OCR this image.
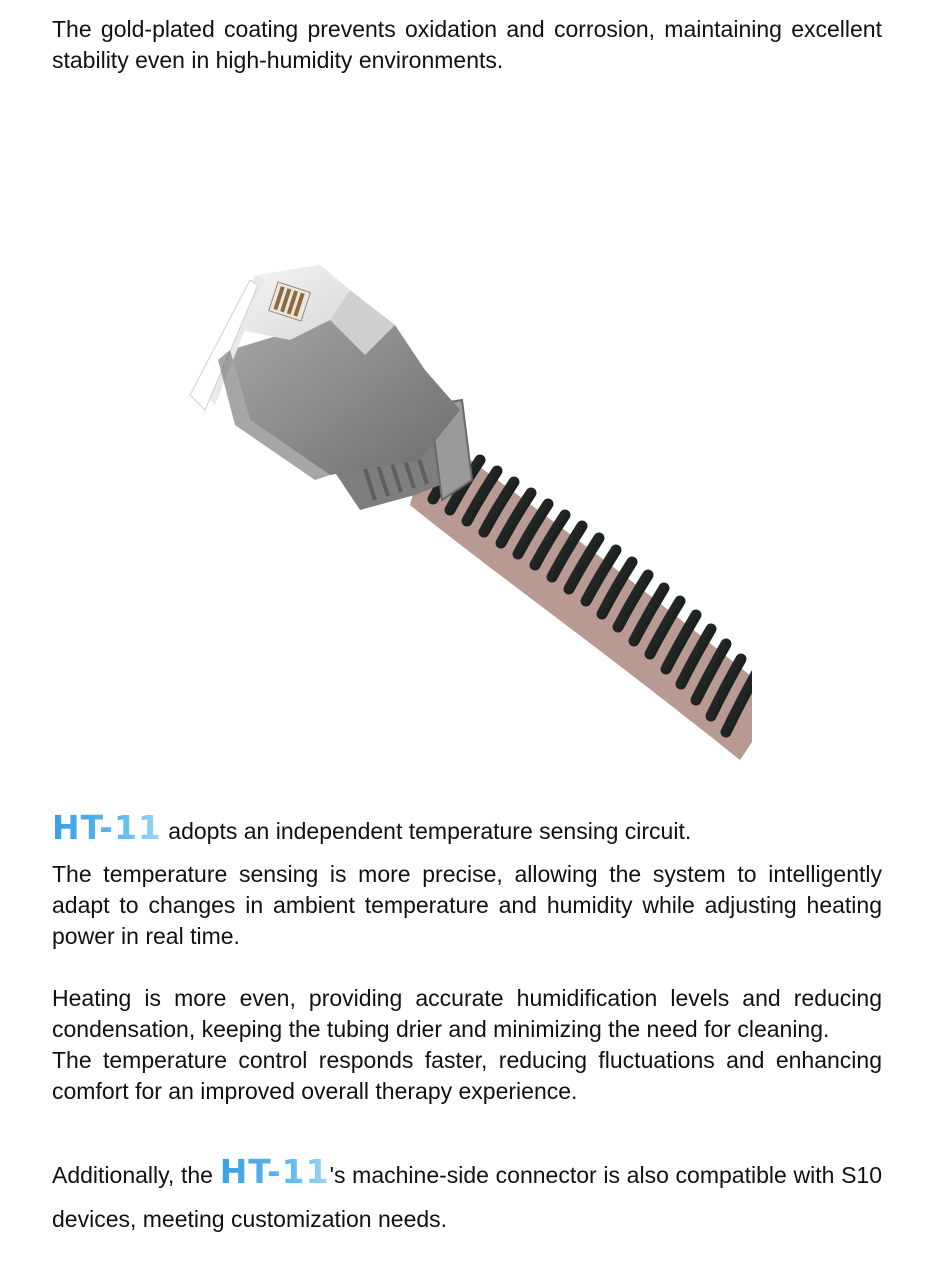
The gold-plated coating prevents oxidation and corrosion, maintaining excellent stability even in high-humidity environments.

HT-11 adopts an independent temperature sensing circuit.

The temperature sensing is more precise, allowing the system to intelligently adapt to changes in ambient temperature and humidity while adjusting heating power in real time.

Heating is more even, providing accurate humidification levels and reducing condensation, keeping the tubing drier and minimizing the need for cleaning.

The temperature control responds faster, reducing fluctuations and enhancing comfort for an improved overall therapy experience.

Additionally, the HT-11's machine-side connector is also compatible with S10 devices, meeting customization needs.
